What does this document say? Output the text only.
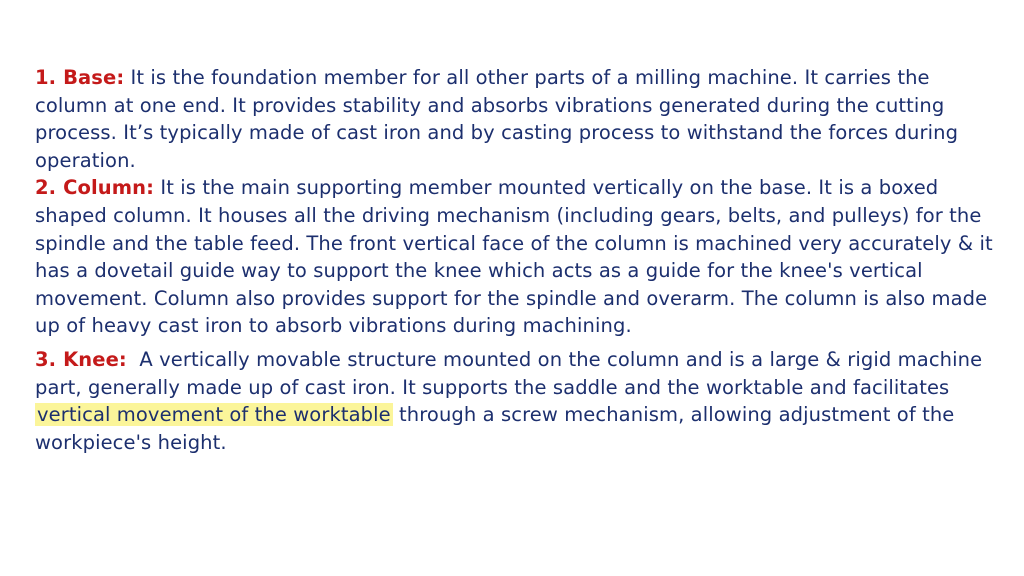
1. Base: It is the foundation member for all other parts of a milling machine. It carries the column at one end. It provides stability and absorbs vibrations generated during the cutting process. It’s typically made of cast iron and by casting process to withstand the forces during operation.

2. Column: It is the main supporting member mounted vertically on the base. It is a boxed shaped column. It houses all the driving mechanism (including gears, belts, and pulleys) for the spindle and the table feed. The front vertical face of the column is machined very accurately & it has a dovetail guide way to support the knee which acts as a guide for the knee's vertical movement. Column also provides support for the spindle and overarm. The column is also made up of heavy cast iron to absorb vibrations during machining.

3. Knee:  A vertically movable structure mounted on the column and is a large & rigid machine part, generally made up of cast iron. It supports the saddle and the worktable and facilitates vertical movement of the worktable through a screw mechanism, allowing adjustment of the workpiece's height.
